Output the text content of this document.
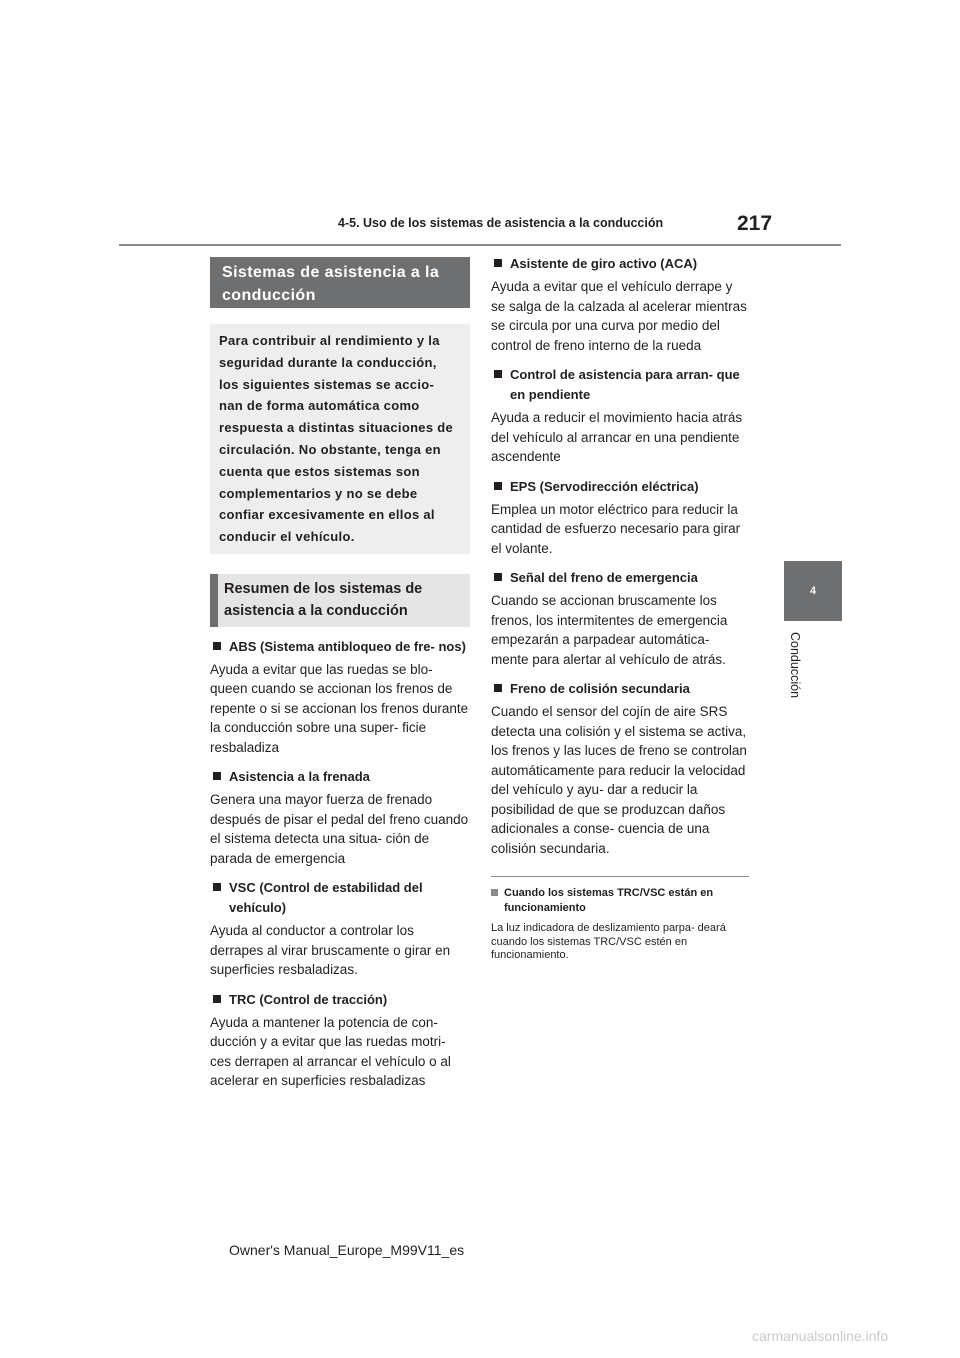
4-5. Uso de los sistemas de asistencia a la conducción	217
4
Conducción
Sistemas de asistencia a la conducción
Para contribuir al rendimiento y la seguridad durante la conducción, los siguientes sistemas se accio- nan de forma automática como respuesta a distintas situaciones de circulación. No obstante, tenga en cuenta que estos sistemas son complementarios y no se debe confiar excesivamente en ellos al conducir el vehículo.
Resumen de los sistemas de asistencia a la conducción
ABS (Sistema antibloqueo de fre- nos)
Ayuda a evitar que las ruedas se blo- queen cuando se accionan los frenos de repente o si se accionan los frenos durante la conducción sobre una super- ficie resbaladiza
Asistencia a la frenada
Genera una mayor fuerza de frenado después de pisar el pedal del freno cuando el sistema detecta una situa- ción de parada de emergencia
VSC (Control de estabilidad del vehículo)
Ayuda al conductor a controlar los derrapes al virar bruscamente o girar en superficies resbaladizas.
TRC (Control de tracción)
Ayuda a mantener la potencia de con- ducción y a evitar que las ruedas motri- ces derrapen al arrancar el vehículo o al acelerar en superficies resbaladizas
Asistente de giro activo (ACA)
Ayuda a evitar que el vehículo derrape y se salga de la calzada al acelerar mientras se circula por una curva por medio del control de freno interno de la rueda
Control de asistencia para arran- que en pendiente
Ayuda a reducir el movimiento hacia atrás del vehículo al arrancar en una pendiente ascendente
EPS (Servodirección eléctrica)
Emplea un motor eléctrico para reducir la cantidad de esfuerzo necesario para girar el volante.
Señal del freno de emergencia
Cuando se accionan bruscamente los frenos, los intermitentes de emergencia empezarán a parpadear automática- mente para alertar al vehículo de atrás.
Freno de colisión secundaria
Cuando el sensor del cojín de aire SRS detecta una colisión y el sistema se activa, los frenos y las luces de freno se controlan automáticamente para reducir la velocidad del vehículo y ayu- dar a reducir la posibilidad de que se produzcan daños adicionales a conse- cuencia de una colisión secundaria.
Cuando los sistemas TRC/VSC están en funcionamiento
La luz indicadora de deslizamiento parpa- deará cuando los sistemas TRC/VSC estén en funcionamiento.
Owner's Manual_Europe_M99V11_es
carmanualsonline.info
